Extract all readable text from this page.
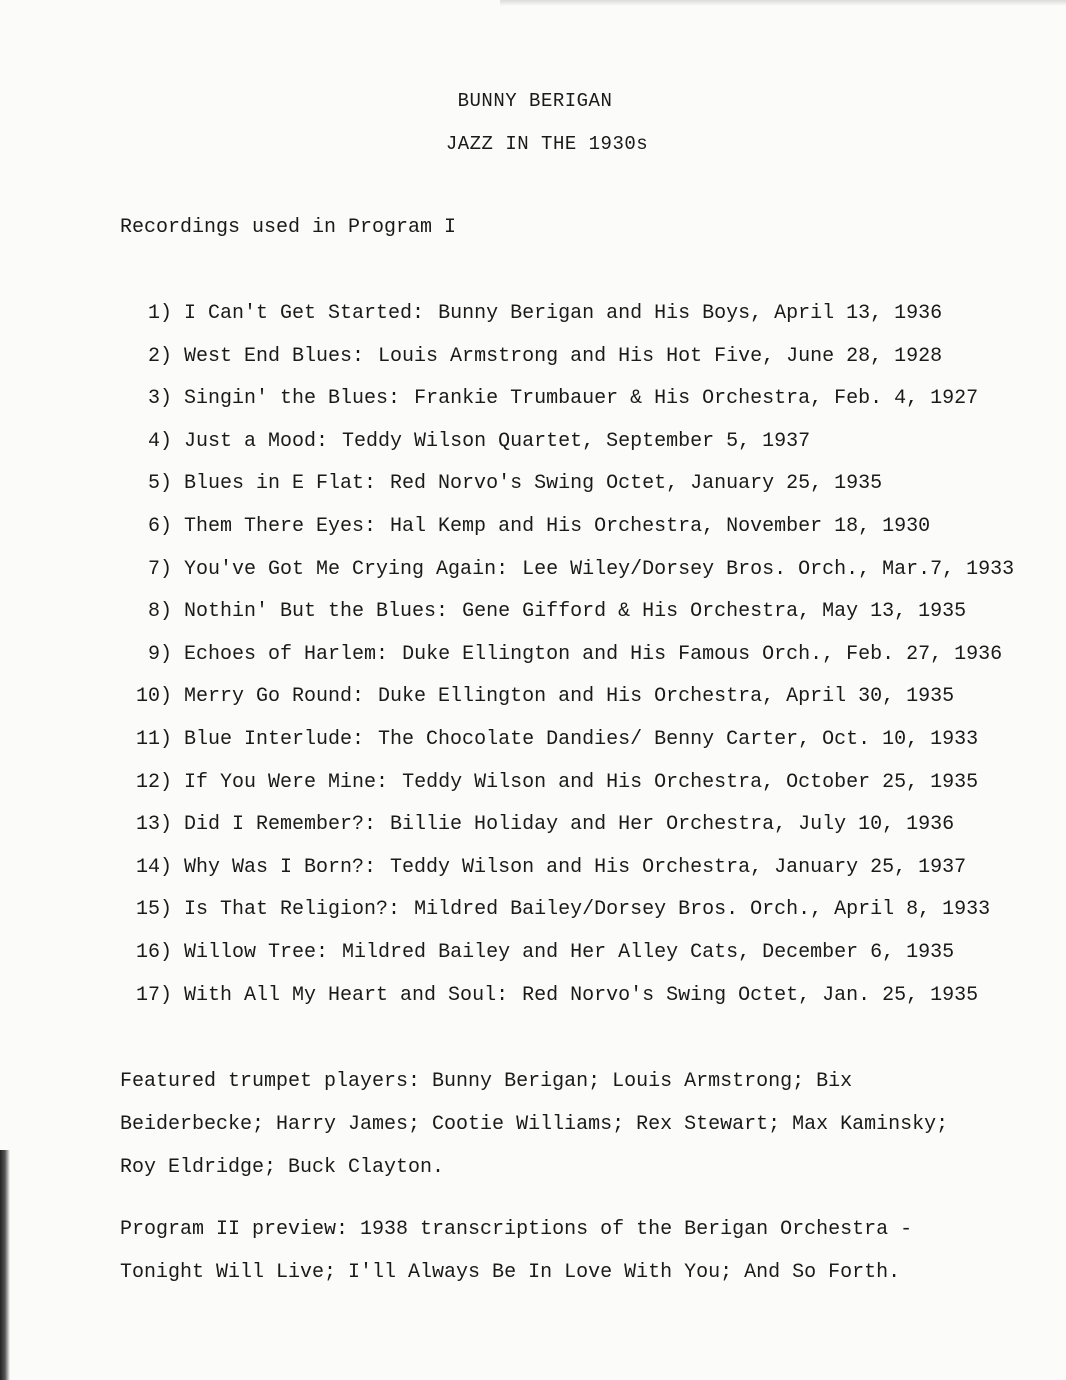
BUNNY BERIGAN
JAZZ IN THE 1930s
Recordings used in Program I
1) I Can't Get Started: Bunny Berigan and His Boys, April 13, 1936
2) West End Blues: Louis Armstrong and His Hot Five, June 28, 1928
3) Singin' the Blues: Frankie Trumbauer & His Orchestra, Feb. 4, 1927
4) Just a Mood: Teddy Wilson Quartet, September 5, 1937
5) Blues in E Flat: Red Norvo's Swing Octet, January 25, 1935
6) Them There Eyes: Hal Kemp and His Orchestra, November 18, 1930
7) You've Got Me Crying Again: Lee Wiley/Dorsey Bros. Orch., Mar.7, 1933
8) Nothin' But the Blues: Gene Gifford & His Orchestra, May 13, 1935
9) Echoes of Harlem: Duke Ellington and His Famous Orch., Feb. 27, 1936
10) Merry Go Round: Duke Ellington and His Orchestra, April 30, 1935
11) Blue Interlude: The Chocolate Dandies/ Benny Carter, Oct. 10, 1933
12) If You Were Mine: Teddy Wilson and His Orchestra, October 25, 1935
13) Did I Remember?: Billie Holiday and Her Orchestra, July 10, 1936
14) Why Was I Born?: Teddy Wilson and His Orchestra, January 25, 1937
15) Is That Religion?: Mildred Bailey/Dorsey Bros. Orch., April 8, 1933
16) Willow Tree: Mildred Bailey and Her Alley Cats, December 6, 1935
17) With All My Heart and Soul: Red Norvo's Swing Octet, Jan. 25, 1935
Featured trumpet players: Bunny Berigan; Louis Armstrong; Bix
Beiderbecke; Harry James; Cootie Williams; Rex Stewart; Max Kaminsky;
Roy Eldridge; Buck Clayton.
Program II preview: 1938 transcriptions of the Berigan Orchestra -
Tonight Will Live; I'll Always Be In Love With You; And So Forth.
